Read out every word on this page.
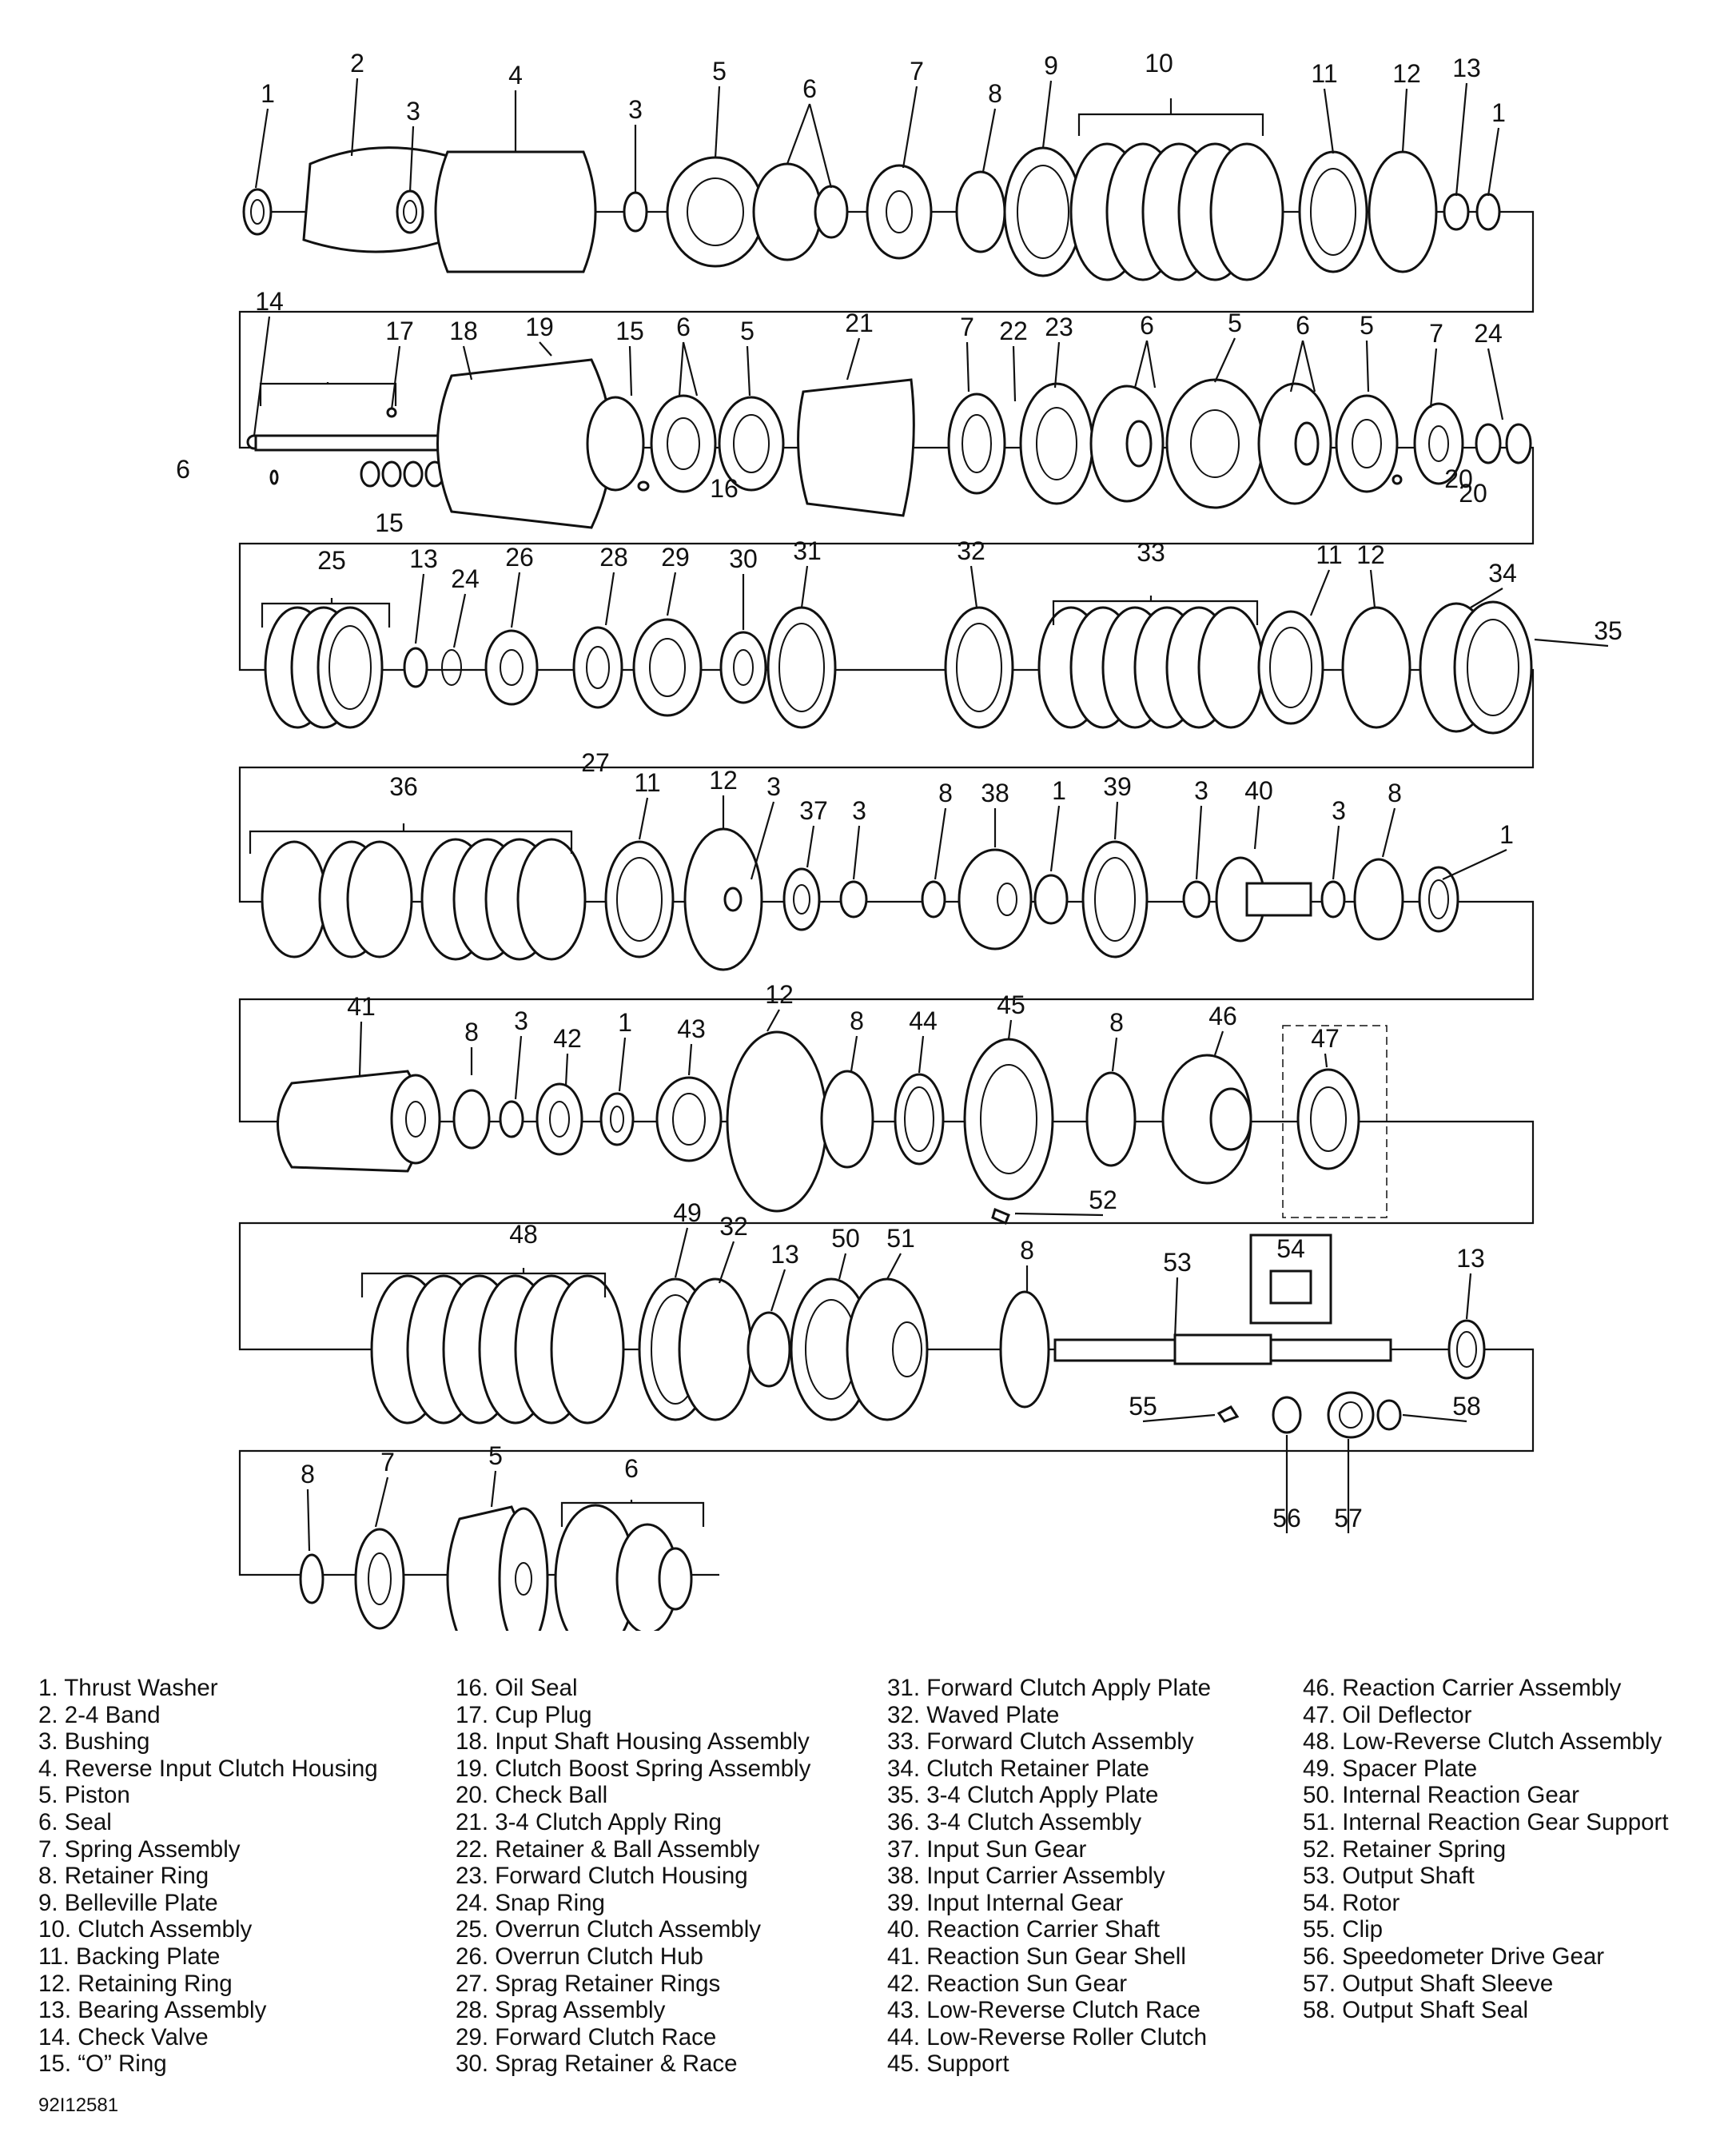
1
2
3
4
3
5
6
7
8
9	10	11 12 13
1
14
17 18 19 15 6 5	21	7 22 23	6	5 6 5 7 24
6
15
16	20
20
25 13
24
26	28 29 30 31	32	33	11 12
34
35
27
36	11 12 3
37 3
8 38 1 39 3 40
3
8
1
41
8 3
42
1 43
12
8 44
45
8	46
47
52
48
49 32
13
50 51	8	53	54	13
55	58
56 57
8	7	5	6
1. Thrust Washer
2. 2-4 Band
3. Bushing
4. Reverse Input Clutch Housing
5. Piston
6. Seal
7. Spring Assembly
8. Retainer Ring
9. Belleville Plate
10. Clutch Assembly
11. Backing Plate
12. Retaining Ring
13. Bearing Assembly
14. Check Valve
15. “O” Ring
16. Oil Seal
17. Cup Plug
18. Input Shaft Housing Assembly
19. Clutch Boost Spring Assembly
20. Check Ball
21. 3-4 Clutch Apply Ring
22. Retainer & Ball Assembly
23. Forward Clutch Housing
24. Snap Ring
25. Overrun Clutch Assembly
26. Overrun Clutch Hub
27. Sprag Retainer Rings
28. Sprag Assembly
29. Forward Clutch Race
30. Sprag Retainer & Race
31. Forward Clutch Apply Plate
32. Waved Plate
33. Forward Clutch Assembly
34. Clutch Retainer Plate
35. 3-4 Clutch Apply Plate
36. 3-4 Clutch Assembly
37. Input Sun Gear
38. Input Carrier Assembly
39. Input Internal Gear
40. Reaction Carrier Shaft
41. Reaction Sun Gear Shell
42. Reaction Sun Gear
43. Low-Reverse Clutch Race
44. Low-Reverse Roller Clutch
45. Support
46. Reaction Carrier Assembly
47. Oil Deflector
48. Low-Reverse Clutch Assembly
49. Spacer Plate
50. Internal Reaction Gear
51. Internal Reaction Gear Support
52. Retainer Spring
53. Output Shaft
54. Rotor
55. Clip
56. Speedometer Drive Gear
57. Output Shaft Sleeve
58. Output Shaft Seal
92I12581
